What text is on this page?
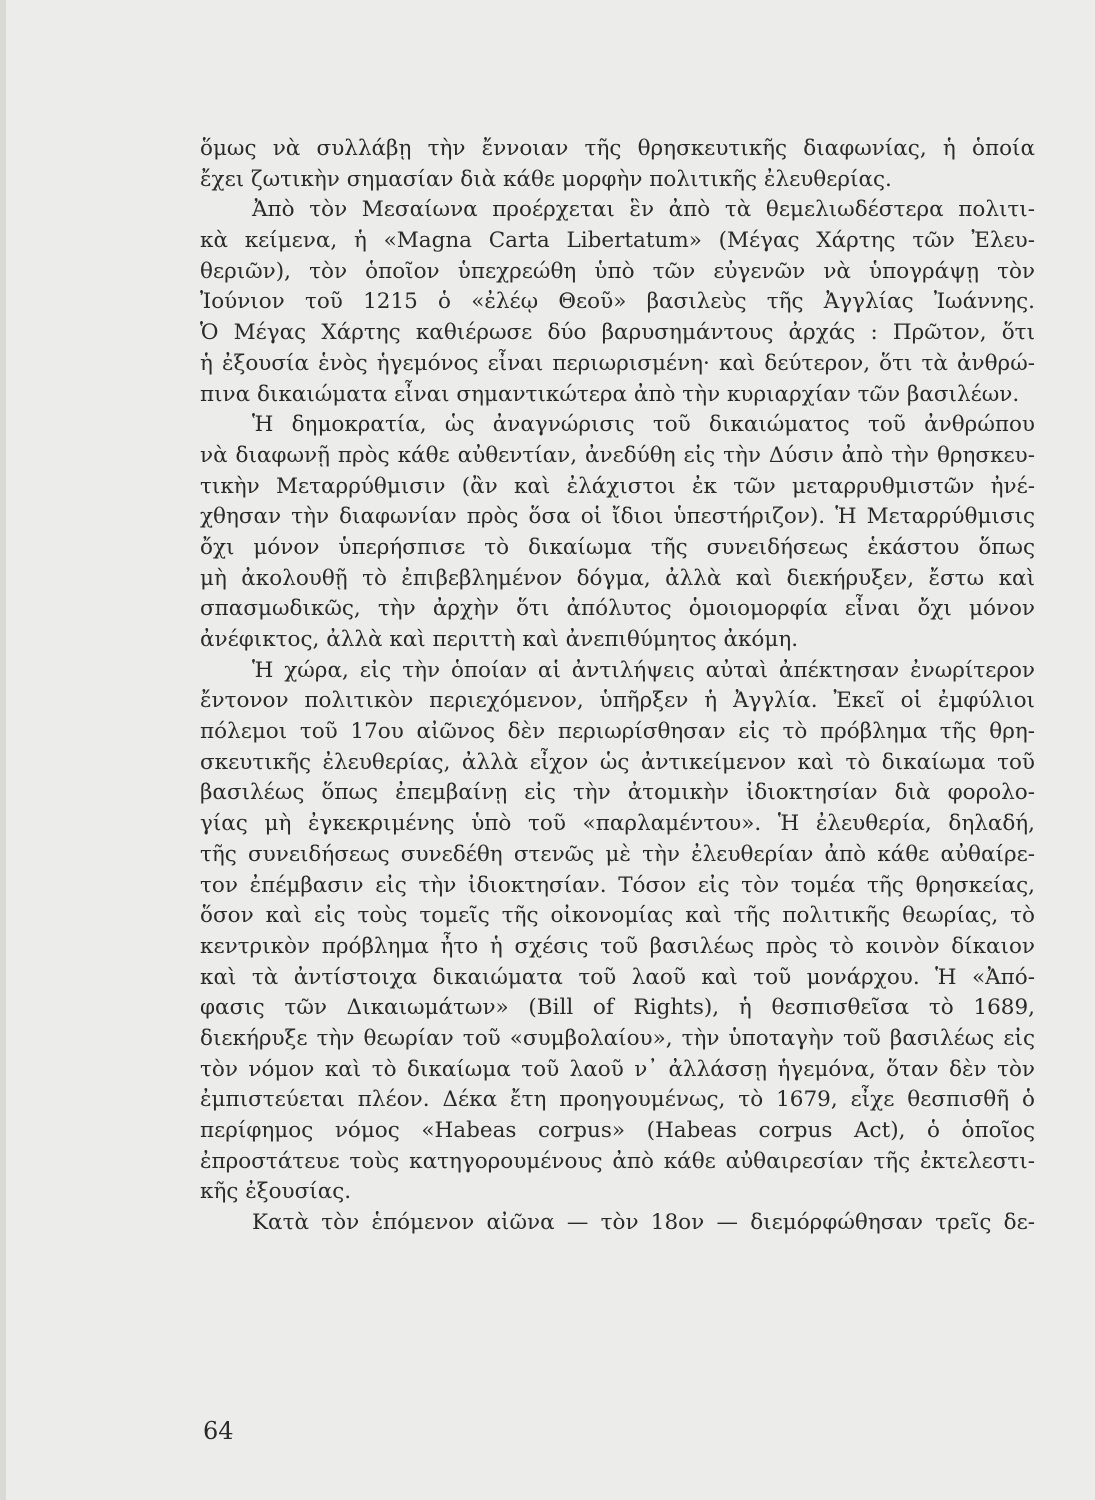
ὅμως νὰ συλλάβῃ τὴν ἔννοιαν τῆς θρησκευτικῆς διαφωνίας, ἡ ὁποία
ἔχει ζωτικὴν σημασίαν διὰ κάθε μορφὴν πολιτικῆς ἐλευθερίας.
Ἀπὸ τὸν Μεσαίωνα προέρχεται ἓν ἀπὸ τὰ θεμελιωδέστερα πολιτι-
κὰ κείμενα, ἡ «Magna Carta Libertatum» (Μέγας Χάρτης τῶν Ἐλευ-
θεριῶν), τὸν ὁποῖον ὑπεχρεώθη ὑπὸ τῶν εὐγενῶν νὰ ὑπογράψῃ τὸν
Ἰούνιον τοῦ 1215 ὁ «ἐλέῳ Θεοῦ» βασιλεὺς τῆς Ἀγγλίας Ἰωάννης.
Ὁ Μέγας Χάρτης καθιέρωσε δύο βαρυσημάντους ἀρχάς : Πρῶτον, ὅτι
ἡ ἐξουσία ἑνὸς ἡγεμόνος εἶναι περιωρισμένη· καὶ δεύτερον, ὅτι τὰ ἀνθρώ-
πινα δικαιώματα εἶναι σημαντικώτερα ἀπὸ τὴν κυριαρχίαν τῶν βασιλέων.
Ἡ δημοκρατία, ὡς ἀναγνώρισις τοῦ δικαιώματος τοῦ ἀνθρώπου
νὰ διαφωνῇ πρὸς κάθε αὐθεντίαν, ἀνεδύθη εἰς τὴν Δύσιν ἀπὸ τὴν θρησκευ-
τικὴν Μεταρρύθμισιν (ἂν καὶ ἐλάχιστοι ἐκ τῶν μεταρρυθμιστῶν ἠνέ-
χθησαν τὴν διαφωνίαν πρὸς ὅσα οἱ ἴδιοι ὑπεστήριζον). Ἡ Μεταρρύθμισις
ὄχι μόνον ὑπερήσπισε τὸ δικαίωμα τῆς συνειδήσεως ἑκάστου ὅπως
μὴ ἀκολουθῇ τὸ ἐπιβεβλημένον δόγμα, ἀλλὰ καὶ διεκήρυξεν, ἔστω καὶ
σπασμωδικῶς, τὴν ἀρχὴν ὅτι ἀπόλυτος ὁμοιομορφία εἶναι ὄχι μόνον
ἀνέφικτος, ἀλλὰ καὶ περιττὴ καὶ ἀνεπιθύμητος ἀκόμη.
Ἡ χώρα, εἰς τὴν ὁποίαν αἱ ἀντιλήψεις αὐταὶ ἀπέκτησαν ἐνωρίτερον
ἔντονον πολιτικὸν περιεχόμενον, ὑπῆρξεν ἡ Ἀγγλία. Ἐκεῖ οἱ ἐμφύλιοι
πόλεμοι τοῦ 17ου αἰῶνος δὲν περιωρίσθησαν εἰς τὸ πρόβλημα τῆς θρη-
σκευτικῆς ἐλευθερίας, ἀλλὰ εἶχον ὡς ἀντικείμενον καὶ τὸ δικαίωμα τοῦ
βασιλέως ὅπως ἐπεμβαίνῃ εἰς τὴν ἀτομικὴν ἰδιοκτησίαν διὰ φορολο-
γίας μὴ ἐγκεκριμένης ὑπὸ τοῦ «παρλαμέντου». Ἡ ἐλευθερία, δηλαδή,
τῆς συνειδήσεως συνεδέθη στενῶς μὲ τὴν ἐλευθερίαν ἀπὸ κάθε αὐθαίρε-
τον ἐπέμβασιν εἰς τὴν ἰδιοκτησίαν. Τόσον εἰς τὸν τομέα τῆς θρησκείας,
ὅσον καὶ εἰς τοὺς τομεῖς τῆς οἰκονομίας καὶ τῆς πολιτικῆς θεωρίας, τὸ
κεντρικὸν πρόβλημα ἦτο ἡ σχέσις τοῦ βασιλέως πρὸς τὸ κοινὸν δίκαιον
καὶ τὰ ἀντίστοιχα δικαιώματα τοῦ λαοῦ καὶ τοῦ μονάρχου. Ἡ «Ἀπό-
φασις τῶν Δικαιωμάτων» (Bill of Rights), ἡ θεσπισθεῖσα τὸ 1689,
διεκήρυξε τὴν θεωρίαν τοῦ «συμβολαίου», τὴν ὑποταγὴν τοῦ βασιλέως εἰς
τὸν νόμον καὶ τὸ δικαίωμα τοῦ λαοῦ ν᾽ ἀλλάσσῃ ἡγεμόνα, ὅταν δὲν τὸν
ἐμπιστεύεται πλέον. Δέκα ἔτη προηγουμένως, τὸ 1679, εἶχε θεσπισθῆ ὁ
περίφημος νόμος «Habeas corpus» (Habeas corpus Act), ὁ ὁποῖος
ἐπροστάτευε τοὺς κατηγορουμένους ἀπὸ κάθε αὐθαιρεσίαν τῆς ἐκτελεστι-
κῆς ἐξουσίας.
Κατὰ τὸν ἑπόμενον αἰῶνα — τὸν 18ον — διεμόρφώθησαν τρεῖς δε-
64
